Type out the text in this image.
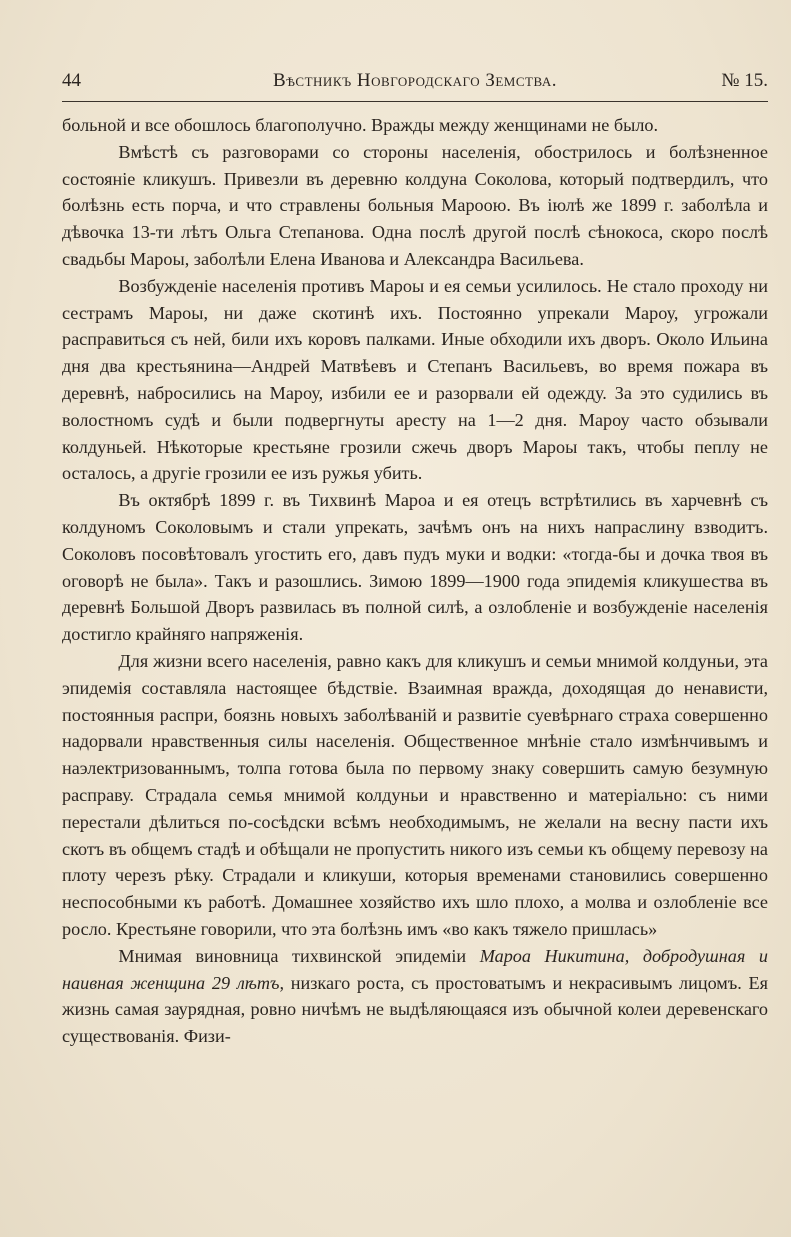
44	Вѣстникъ Новгородскаго Земства.	№ 15.

больной и все обошлось благополучно. Вражды между женщинами не было.

Вмѣстѣ съ разговорами со стороны населенія, обострилось и болѣзненное состояніе кликушъ. Привезли въ деревню колдуна Соколова, который подтвердилъ, что болѣзнь есть порча, и что стравлены больныя Мароою. Въ іюлѣ же 1899 г. заболѣла и дѣвочка 13-ти лѣтъ Ольга Степанова. Одна послѣ другой послѣ сѣнокоса, скоро послѣ свадьбы Мароы, заболѣли Елена Иванова и Александра Васильева.

Возбужденіе населенія противъ Мароы и ея семьи усилилось. Не стало проходу ни сестрамъ Мароы, ни даже скотинѣ ихъ. Постоянно упрекали Мароу, угрожали расправиться съ ней, били ихъ коровъ палками. Иные обходили ихъ дворъ. Около Ильина дня два крестьянина—Андрей Матвѣевъ и Степанъ Васильевъ, во время пожара въ деревнѣ, набросились на Мароу, избили ее и разорвали ей одежду. За это судились въ волостномъ судѣ и были подвергнуты аресту на 1—2 дня. Мароу часто обзывали колдуньей. Нѣкоторые крестьяне грозили сжечь дворъ Мароы такъ, чтобы пеплу не осталось, а другіе грозили ее изъ ружья убить.

Въ октябрѣ 1899 г. въ Тихвинѣ Мароа и ея отецъ встрѣтились въ харчевнѣ съ колдуномъ Соколовымъ и стали упрекать, зачѣмъ онъ на нихъ напраслину взводитъ. Соколовъ посовѣтовалъ угостить его, давъ пудъ муки и водки: «тогда-бы и дочка твоя въ оговорѣ не была». Такъ и разошлись. Зимою 1899—1900 года эпидемія кликушества въ деревнѣ Большой Дворъ развилась въ полной силѣ, а озлобленіе и возбужденіе населенія достигло крайняго напряженія.

Для жизни всего населенія, равно какъ для кликушъ и семьи мнимой колдуньи, эта эпидемія составляла настоящее бѣдствіе. Взаимная вражда, доходящая до ненависти, постоянныя распри, боязнь новыхъ заболѣваній и развитіе суевѣрнаго страха совершенно надорвали нравственныя силы населенія. Общественное мнѣніе стало измѣнчивымъ и наэлектризованнымъ, толпа готова была по первому знаку совершить самую безумную расправу. Страдала семья мнимой колдуньи и нравственно и матеріально: съ ними перестали дѣлиться по-сосѣдски всѣмъ необходимымъ, не желали на весну пасти ихъ скотъ въ общемъ стадѣ и обѣщали не пропустить никого изъ семьи къ общему перевозу на плоту черезъ рѣку. Страдали и кликуши, которыя временами становились совершенно неспособными къ работѣ. Домашнее хозяйство ихъ шло плохо, а молва и озлобленіе все росло. Крестьяне говорили, что эта болѣзнь имъ «во какъ тяжело пришлась»

Мнимая виновница тихвинской эпидеміи Мароа Никитина, добродушная и наивная женщина 29 лѣтъ, низкаго роста, съ простоватымъ и некрасивымъ лицомъ. Ея жизнь самая заурядная, ровно ничѣмъ не выдѣляющаяся изъ обычной колеи деревенскаго существованія. Физи-
